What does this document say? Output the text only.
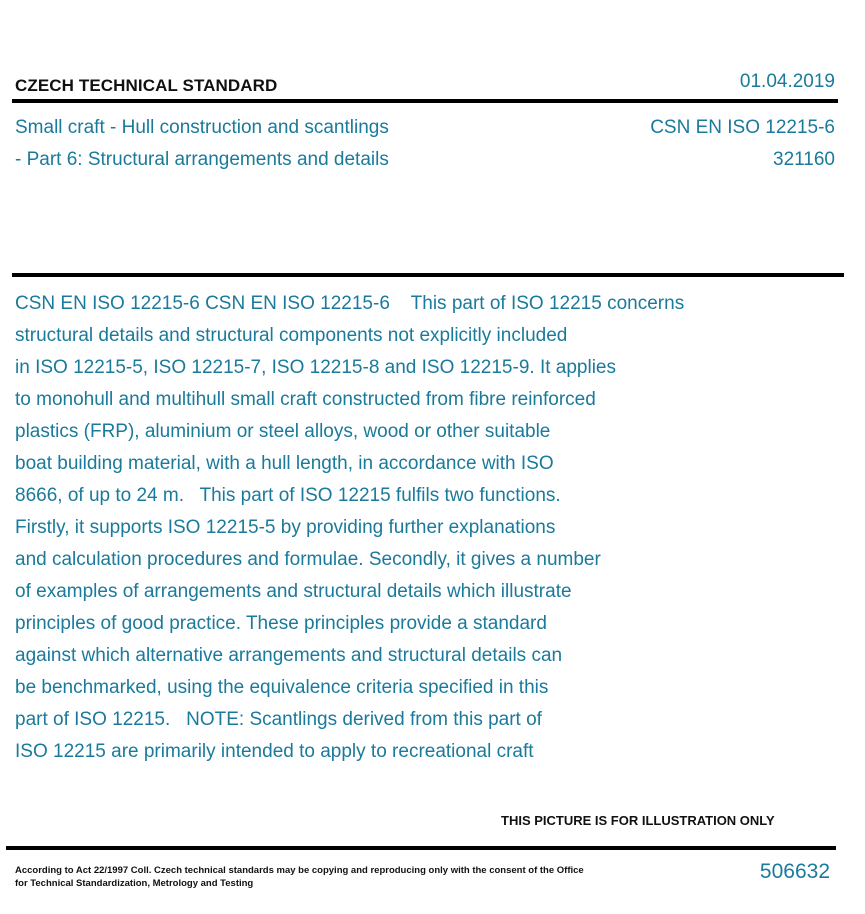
CZECH TECHNICAL STANDARD	01.04.2019
Small craft - Hull construction and scantlings
- Part 6: Structural arrangements and details
CSN EN ISO 12215-6
321160
CSN EN ISO 12215-6 CSN EN ISO 12215-6    This part of ISO 12215 concerns
structural details and structural components not explicitly included
in ISO 12215-5, ISO 12215-7, ISO 12215-8 and ISO 12215-9. It applies
to monohull and multihull small craft constructed from fibre reinforced
plastics (FRP), aluminium or steel alloys, wood or other suitable
boat building material, with a hull length, in accordance with ISO
8666, of up to 24 m.   This part of ISO 12215 fulfils two functions.
Firstly, it supports ISO 12215-5 by providing further explanations
and calculation procedures and formulae. Secondly, it gives a number
of examples of arrangements and structural details which illustrate
principles of good practice. These principles provide a standard
against which alternative arrangements and structural details can
be benchmarked, using the equivalence criteria specified in this
part of ISO 12215.   NOTE: Scantlings derived from this part of
ISO 12215 are primarily intended to apply to recreational craft
THIS PICTURE IS FOR ILLUSTRATION ONLY
According to Act 22/1997 Coll. Czech technical standards may be copying and reproducing only with the consent of the Office
for Technical Standardization, Metrology and Testing	506632
